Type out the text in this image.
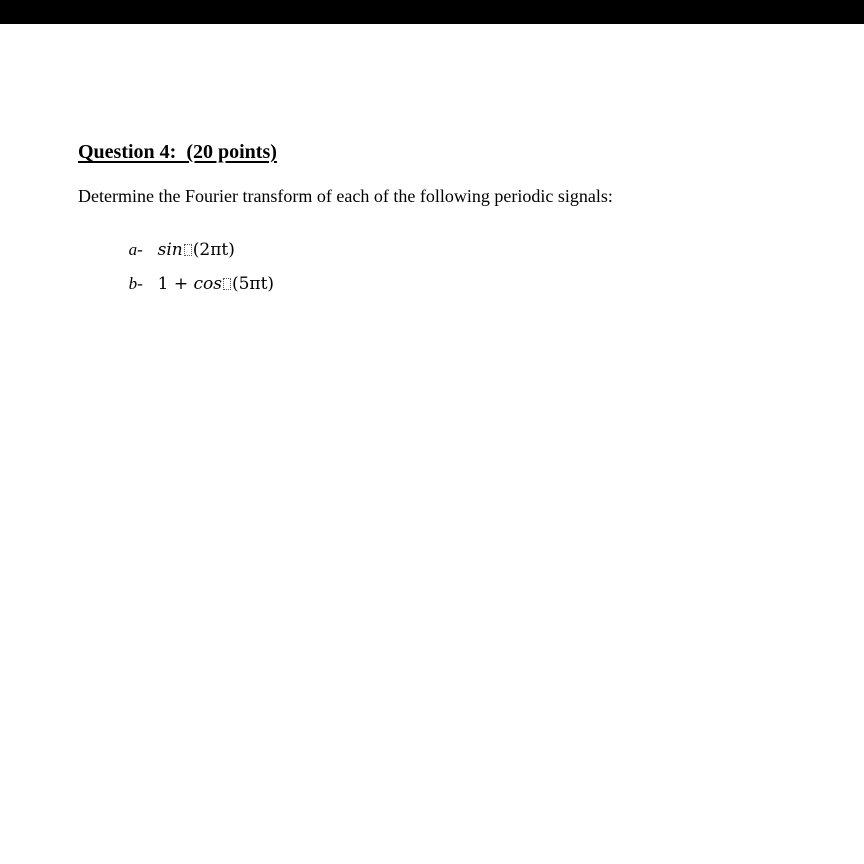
Question 4:  (20 points)
Determine the Fourier transform of each of the following periodic signals:

a- sin (2πt)

b- 1 + cos (5πt)
